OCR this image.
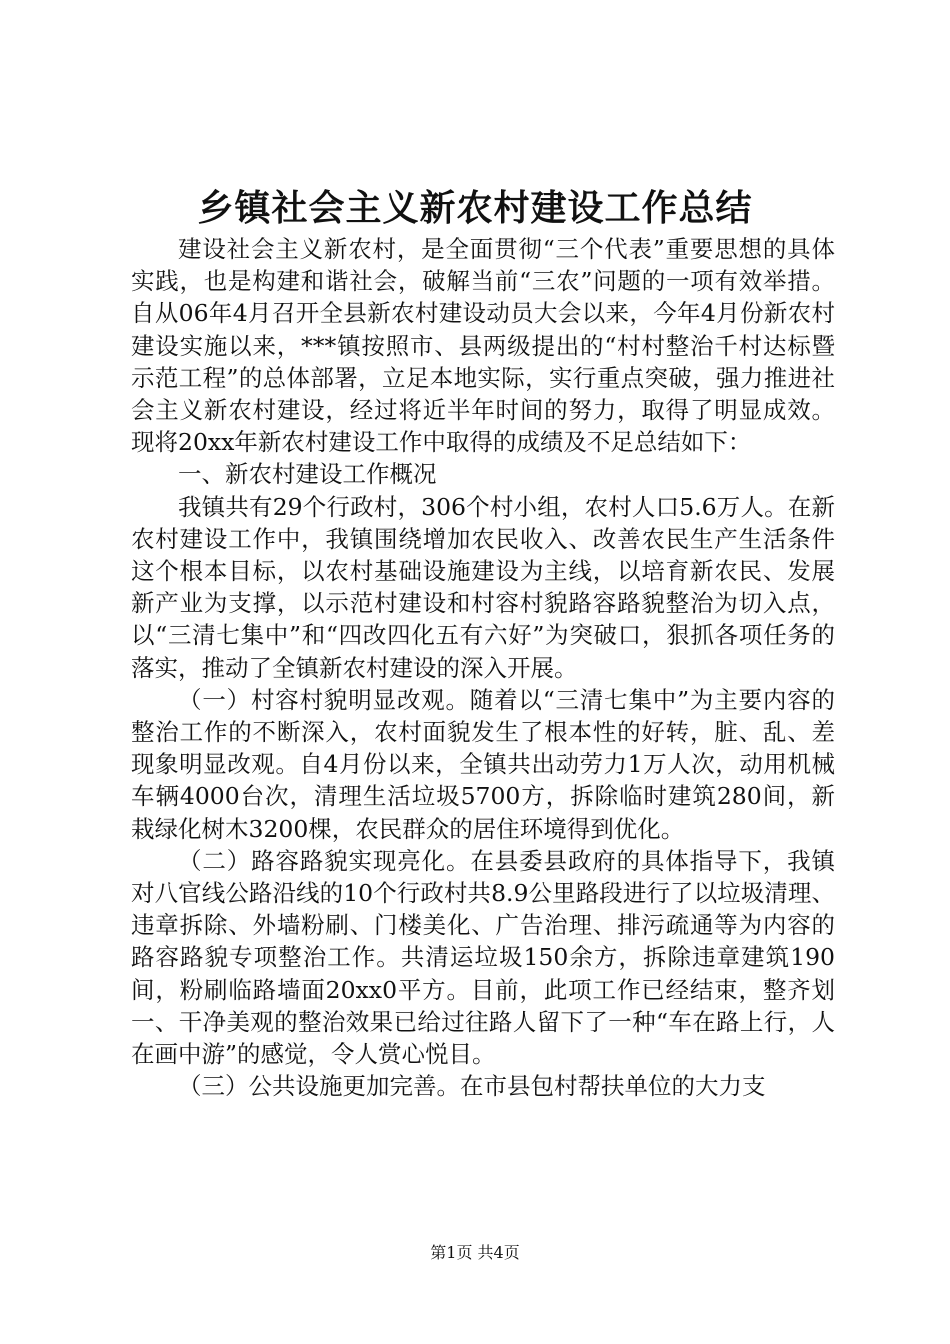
乡镇社会主义新农村建设工作总结

建设社会主义新农村，是全面贯彻“三个代表”重要思想的具体实践，也是构建和谐社会，破解当前“三农”问题的一项有效举措。自从06年4月召开全县新农村建设动员大会以来，今年4月份新农村建设实施以来，***镇按照市、县两级提出的“村村整治千村达标暨示范工程”的总体部署，立足本地实际，实行重点突破，强力推进社会主义新农村建设，经过将近半年时间的努力，取得了明显成效。现将20xx年新农村建设工作中取得的成绩及不足总结如下：

一、新农村建设工作概况

我镇共有29个行政村，306个村小组，农村人口5.6万人。在新农村建设工作中，我镇围绕增加农民收入、改善农民生产生活条件这个根本目标，以农村基础设施建设为主线，以培育新农民、发展新产业为支撑，以示范村建设和村容村貌路容路貌整治为切入点，以“三清七集中”和“四改四化五有六好”为突破口，狠抓各项任务的落实，推动了全镇新农村建设的深入开展。

（一）村容村貌明显改观。随着以“三清七集中”为主要内容的整治工作的不断深入，农村面貌发生了根本性的好转，脏、乱、差现象明显改观。自4月份以来，全镇共出动劳力1万人次，动用机械车辆4000台次，清理生活垃圾5700方，拆除临时建筑280间，新栽绿化树木3200棵，农民群众的居住环境得到优化。

（二）路容路貌实现亮化。在县委县政府的具体指导下，我镇对八官线公路沿线的10个行政村共8.9公里路段进行了以垃圾清理、违章拆除、外墙粉刷、门楼美化、广告治理、排污疏通等为内容的路容路貌专项整治工作。共清运垃圾150余方，拆除违章建筑190间，粉刷临路墙面20xx0平方。目前，此项工作已经结束，整齐划一、干净美观的整治效果已给过往路人留下了一种“车在路上行，人在画中游”的感觉，令人赏心悦目。

（三）公共设施更加完善。在市县包村帮扶单位的大力支

第1页 共4页
